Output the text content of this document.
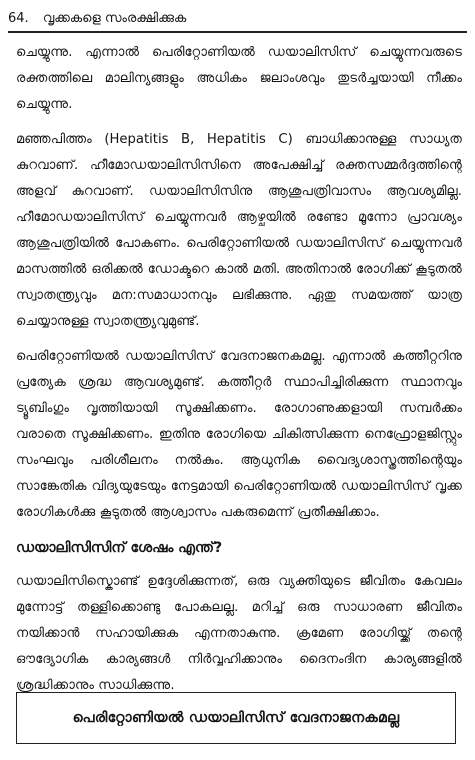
64. വൃക്കകളെ സംരക്ഷിക്കുക

ചെയ്യുന്നു. എന്നാൽ പെരിറ്റോണിയൽ ഡയാലിസിസ് ചെയ്യുന്നവരുടെ രക്തത്തിലെ മാലിന്യങ്ങളും അധികം ജലാംശവും തുടർച്ചയായി നീക്കം ചെയ്യുന്നു.

മഞ്ഞപിത്തം (Hepatitis B, Hepatitis C) ബാധിക്കാനുള്ള സാധ്യത കുറവാണ്. ഹീമോഡയാലിസിസിനെ അപേക്ഷിച്ച് രക്തസമ്മർദ്ദത്തിന്റെ അളവ് കുറവാണ്. ഡയാലിസിസിനു ആശുപത്രിവാസം ആവശ്യമില്ല. ഹീമോഡയാലിസിസ് ചെയ്യുന്നവർ ആഴ്ചയിൽ രണ്ടോ മൂന്നോ പ്രാവശ്യം ആശുപത്രിയിൽ പോകണം. പെരിറ്റോണിയൽ ഡയാലിസിസ് ചെയ്യുന്നവർ മാസത്തിൽ ഒരിക്കൽ ഡോക്ടറെ കാൽ മതി. അതിനാൽ രോഗിക്ക് കൂടുതൽ സ്വാതന്ത്ര്യവും മന:സമാധാനവും ലഭിക്കുന്നു. ഏതു സമയത്ത് യാത്ര ചെയ്യാനുള്ള സ്വാതന്ത്ര്യവുമുണ്ട്.

പെരിറ്റോണിയൽ ഡയാലിസിസ് വേദനാജനകമല്ല. എന്നാൽ കത്തീറ്ററിനു പ്രത്യേക ശ്രദ്ധ ആവശ്യമുണ്ട്. കത്തീറ്റർ സ്ഥാപിച്ചിരിക്കുന്ന സ്ഥാനവും ട്യൂബിംഗും വൃത്തിയായി സൂക്ഷിക്കണം. രോഗാണുക്കളായി സമ്പർക്കം വരാതെ സൂക്ഷിക്കണം. ഇതിനു രോഗിയെ ചികിത്സിക്കുന്ന നെഫ്രോളജിസ്റ്റും സംഘവും പരിശീലനം നൽകും. ആധുനിക വൈദ്യശാസ്ത്രത്തിന്റെയും സാങ്കേതിക വിദ്യയുടേയും നേട്ടമായി പെരിറ്റോണിയൽ ഡയാലിസിസ് വൃക്ക രോഗികൾക്കു കൂടുതൽ ആശ്വാസം പകരുമെന്ന് പ്രതീക്ഷിക്കാം.

ഡയാലിസിസിന് ശേഷം എന്ത്?

ഡയാലിസിസ്കൊണ്ട് ഉദ്ദേശിക്കുന്നത്, ഒരു വ്യക്തിയുടെ ജീവിതം കേവലം മുന്നോട്ട് തള്ളിക്കൊണ്ടു പോകലല്ല. മറിച്ച് ഒരു സാധാരണ ജീവിതം നയിക്കാൻ സഹായിക്കുക എന്നതാകുന്നു. ക്രമേണ രോഗിയ്ക്ക് തന്റെ ഔദ്യോഗിക കാര്യങ്ങൾ നിർവ്വഹിക്കാനും ദൈനംദിന കാര്യങ്ങളിൽ ശ്രദ്ധിക്കാനും സാധിക്കുന്നു.

പെരിറ്റോണിയൽ ഡയാലിസിസ് വേദനാജനകമല്ല
